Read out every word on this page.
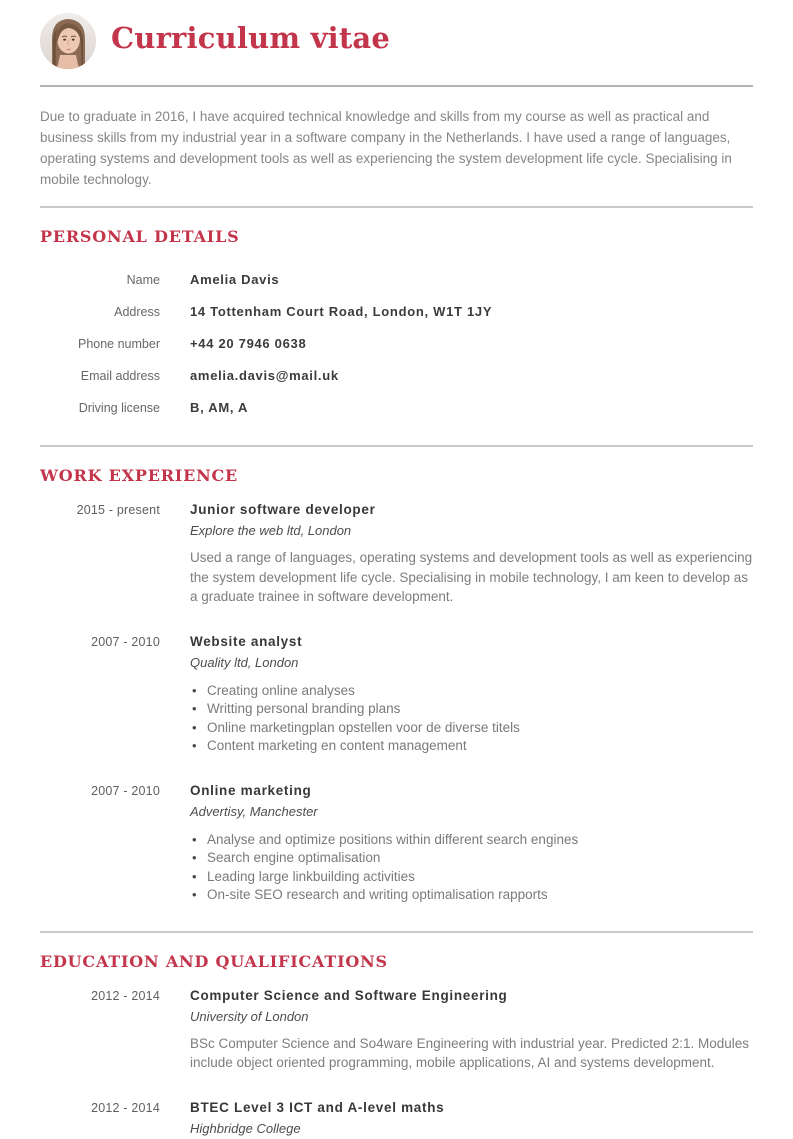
Curriculum vitae

Due to graduate in 2016, I have acquired technical knowledge and skills from my course as well as practical and business skills from my industrial year in a software company in the Netherlands. I have used a range of languages, operating systems and development tools as well as experiencing the system development life cycle. Specialising in mobile technology.

PERSONAL DETAILS
Name Amelia Davis
Address 14 Tottenham Court Road, London, W1T 1JY
Phone number +44 20 7946 0638
Email address amelia.davis@mail.uk
Driving license B, AM, A
WORK EXPERIENCE
2015 - present Junior software developer
Explore the web ltd, London
Used a range of languages, operating systems and development tools as well as experiencing the system development life cycle. Specialising in mobile technology, I am keen to develop as a graduate trainee in software development.
2007 - 2010 Website analyst
Quality ltd, London
• Creating online analyses
• Writting personal branding plans
• Online marketingplan opstellen voor de diverse titels
• Content marketing en content management
2007 - 2010 Online marketing
Advertisy, Manchester
• Analyse and optimize positions within different search engines
• Search engine optimalisation
• Leading large linkbuilding activities
• On-site SEO research and writing optimalisation rapports
EDUCATION AND QUALIFICATIONS
2012 - 2014 Computer Science and Software Engineering
University of London
BSc Computer Science and So4ware Engineering with industrial year. Predicted 2:1. Modules include object oriented programming, mobile applications, AI and systems development.
2012 - 2014 BTEC Level 3 ICT and A-level maths
Highbridge College
